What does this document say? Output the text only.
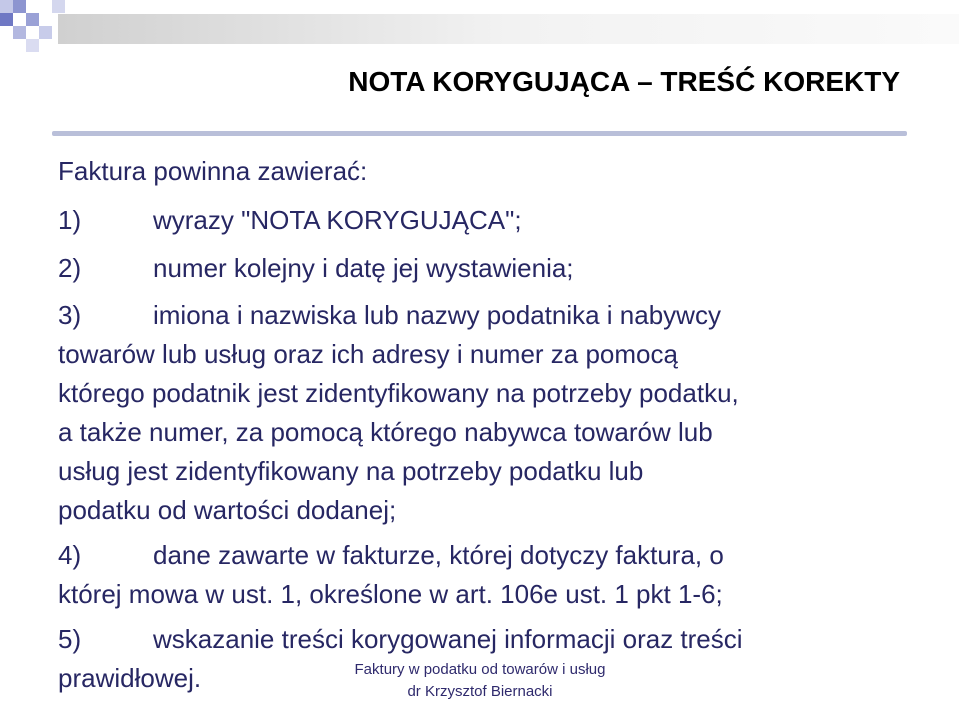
NOTA KORYGUJĄCA – TREŚĆ KOREKTY
Faktura powinna zawierać:
1)	wyrazy "NOTA KORYGUJĄCA";
2)	numer kolejny i datę jej wystawienia;
3)	imiona i nazwiska lub nazwy podatnika i nabywcy
towarów lub usług oraz ich adresy i numer za pomocą
którego podatnik jest zidentyfikowany na potrzeby podatku,
a także numer, za pomocą którego nabywca towarów lub
usług jest zidentyfikowany na potrzeby podatku lub
podatku od wartości dodanej;
4)	dane zawarte w fakturze, której dotyczy faktura, o
której mowa w ust. 1, określone w art. 106e ust. 1 pkt 1-6;
5)	wskazanie treści korygowanej informacji oraz treści
prawidłowej.	Faktury w podatku od towarów i usług
dr Krzysztof Biernacki
